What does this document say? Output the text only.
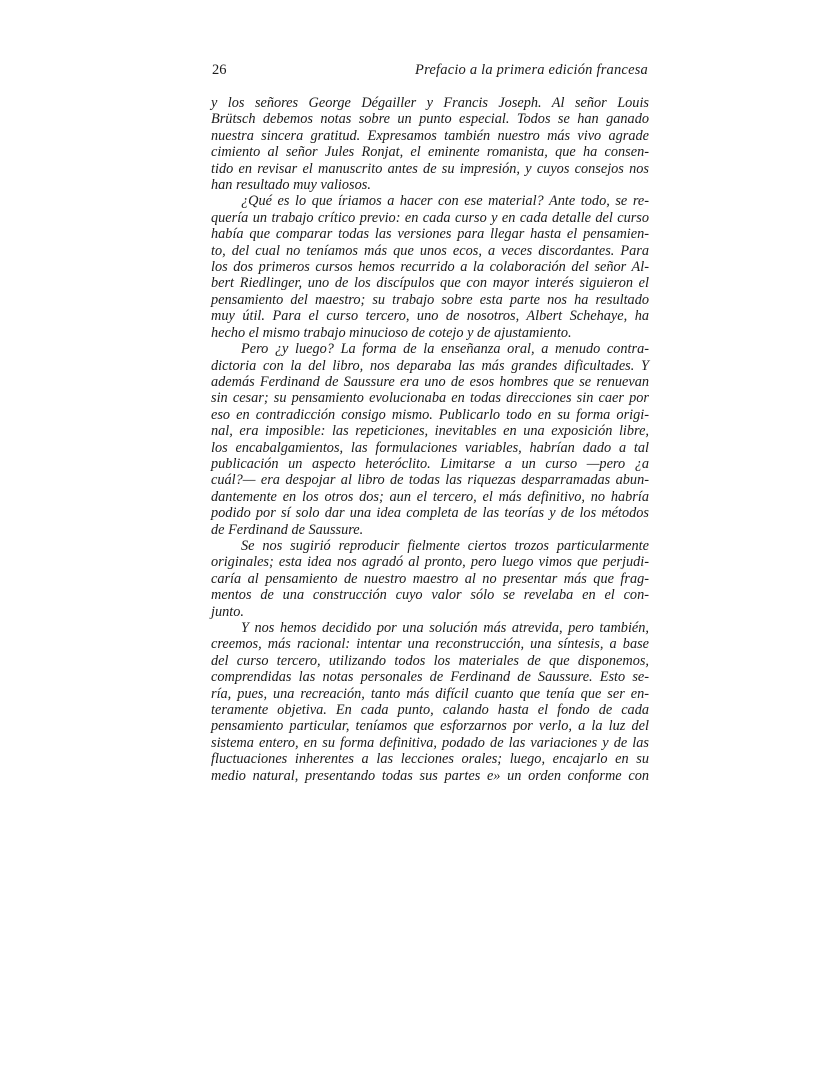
26	Prefacio a la primera edición francesa
y los señores George Dégailler y Francis Joseph. Al señor Louis
Brütsch debemos notas sobre un punto especial. Todos se han ganado
nuestra sincera gratitud. Expresamos también nuestro más vivo agrade
cimiento al señor Jules Ronjat, el eminente romanista, que ha consen-
tido en revisar el manuscrito antes de su impresión, y cuyos consejos nos
han resultado muy valiosos.
¿Qué es lo que íriamos a hacer con ese material? Ante todo, se re-
quería un trabajo crítico previo: en cada curso y en cada detalle del curso
había que comparar todas las versiones para llegar hasta el pensamien-
to, del cual no teníamos más que unos ecos, a veces discordantes. Para
los dos primeros cursos hemos recurrido a la colaboración del señor Al-
bert Riedlinger, uno de los discípulos que con mayor interés siguieron el
pensamiento del maestro; su trabajo sobre esta parte nos ha resultado
muy útil. Para el curso tercero, uno de nosotros, Albert Schehaye, ha
hecho el mismo trabajo minucioso de cotejo y de ajustamiento.
Pero ¿y luego? La forma de la enseñanza oral, a menudo contra-
dictoria con la del libro, nos deparaba las más grandes dificultades. Y
además Ferdinand de Saussure era uno de esos hombres que se renuevan
sin cesar; su pensamiento evolucionaba en todas direcciones sin caer por
eso en contradicción consigo mismo. Publicarlo todo en su forma origi-
nal, era imposible: las repeticiones, inevitables en una exposición libre,
los encabalgamientos, las formulaciones variables, habrían dado a tal
publicación un aspecto heteróclito. Limitarse a un curso —pero ¿a
cuál?— era despojar al libro de todas las riquezas desparramadas abun-
dantemente en los otros dos; aun el tercero, el más definitivo, no habría
podido por sí solo dar una idea completa de las teorías y de los métodos
de Ferdinand de Saussure.
Se nos sugirió reproducir fielmente ciertos trozos particularmente
originales; esta idea nos agradó al pronto, pero luego vimos que perjudi-
caría al pensamiento de nuestro maestro al no presentar más que frag-
mentos de una construcción cuyo valor sólo se revelaba en el con-
junto.
Y nos hemos decidido por una solución más atrevida, pero también,
creemos, más racional: intentar una reconstrucción, una síntesis, a base
del curso tercero, utilizando todos los materiales de que disponemos,
comprendidas las notas personales de Ferdinand de Saussure. Esto se-
ría, pues, una recreación, tanto más difícil cuanto que tenía que ser en-
teramente objetiva. En cada punto, calando hasta el fondo de cada
pensamiento particular, teníamos que esforzarnos por verlo, a la luz del
sistema entero, en su forma definitiva, podado de las variaciones y de las
fluctuaciones inherentes a las lecciones orales; luego, encajarlo en su
medio natural, presentando todas sus partes e» un orden conforme con
